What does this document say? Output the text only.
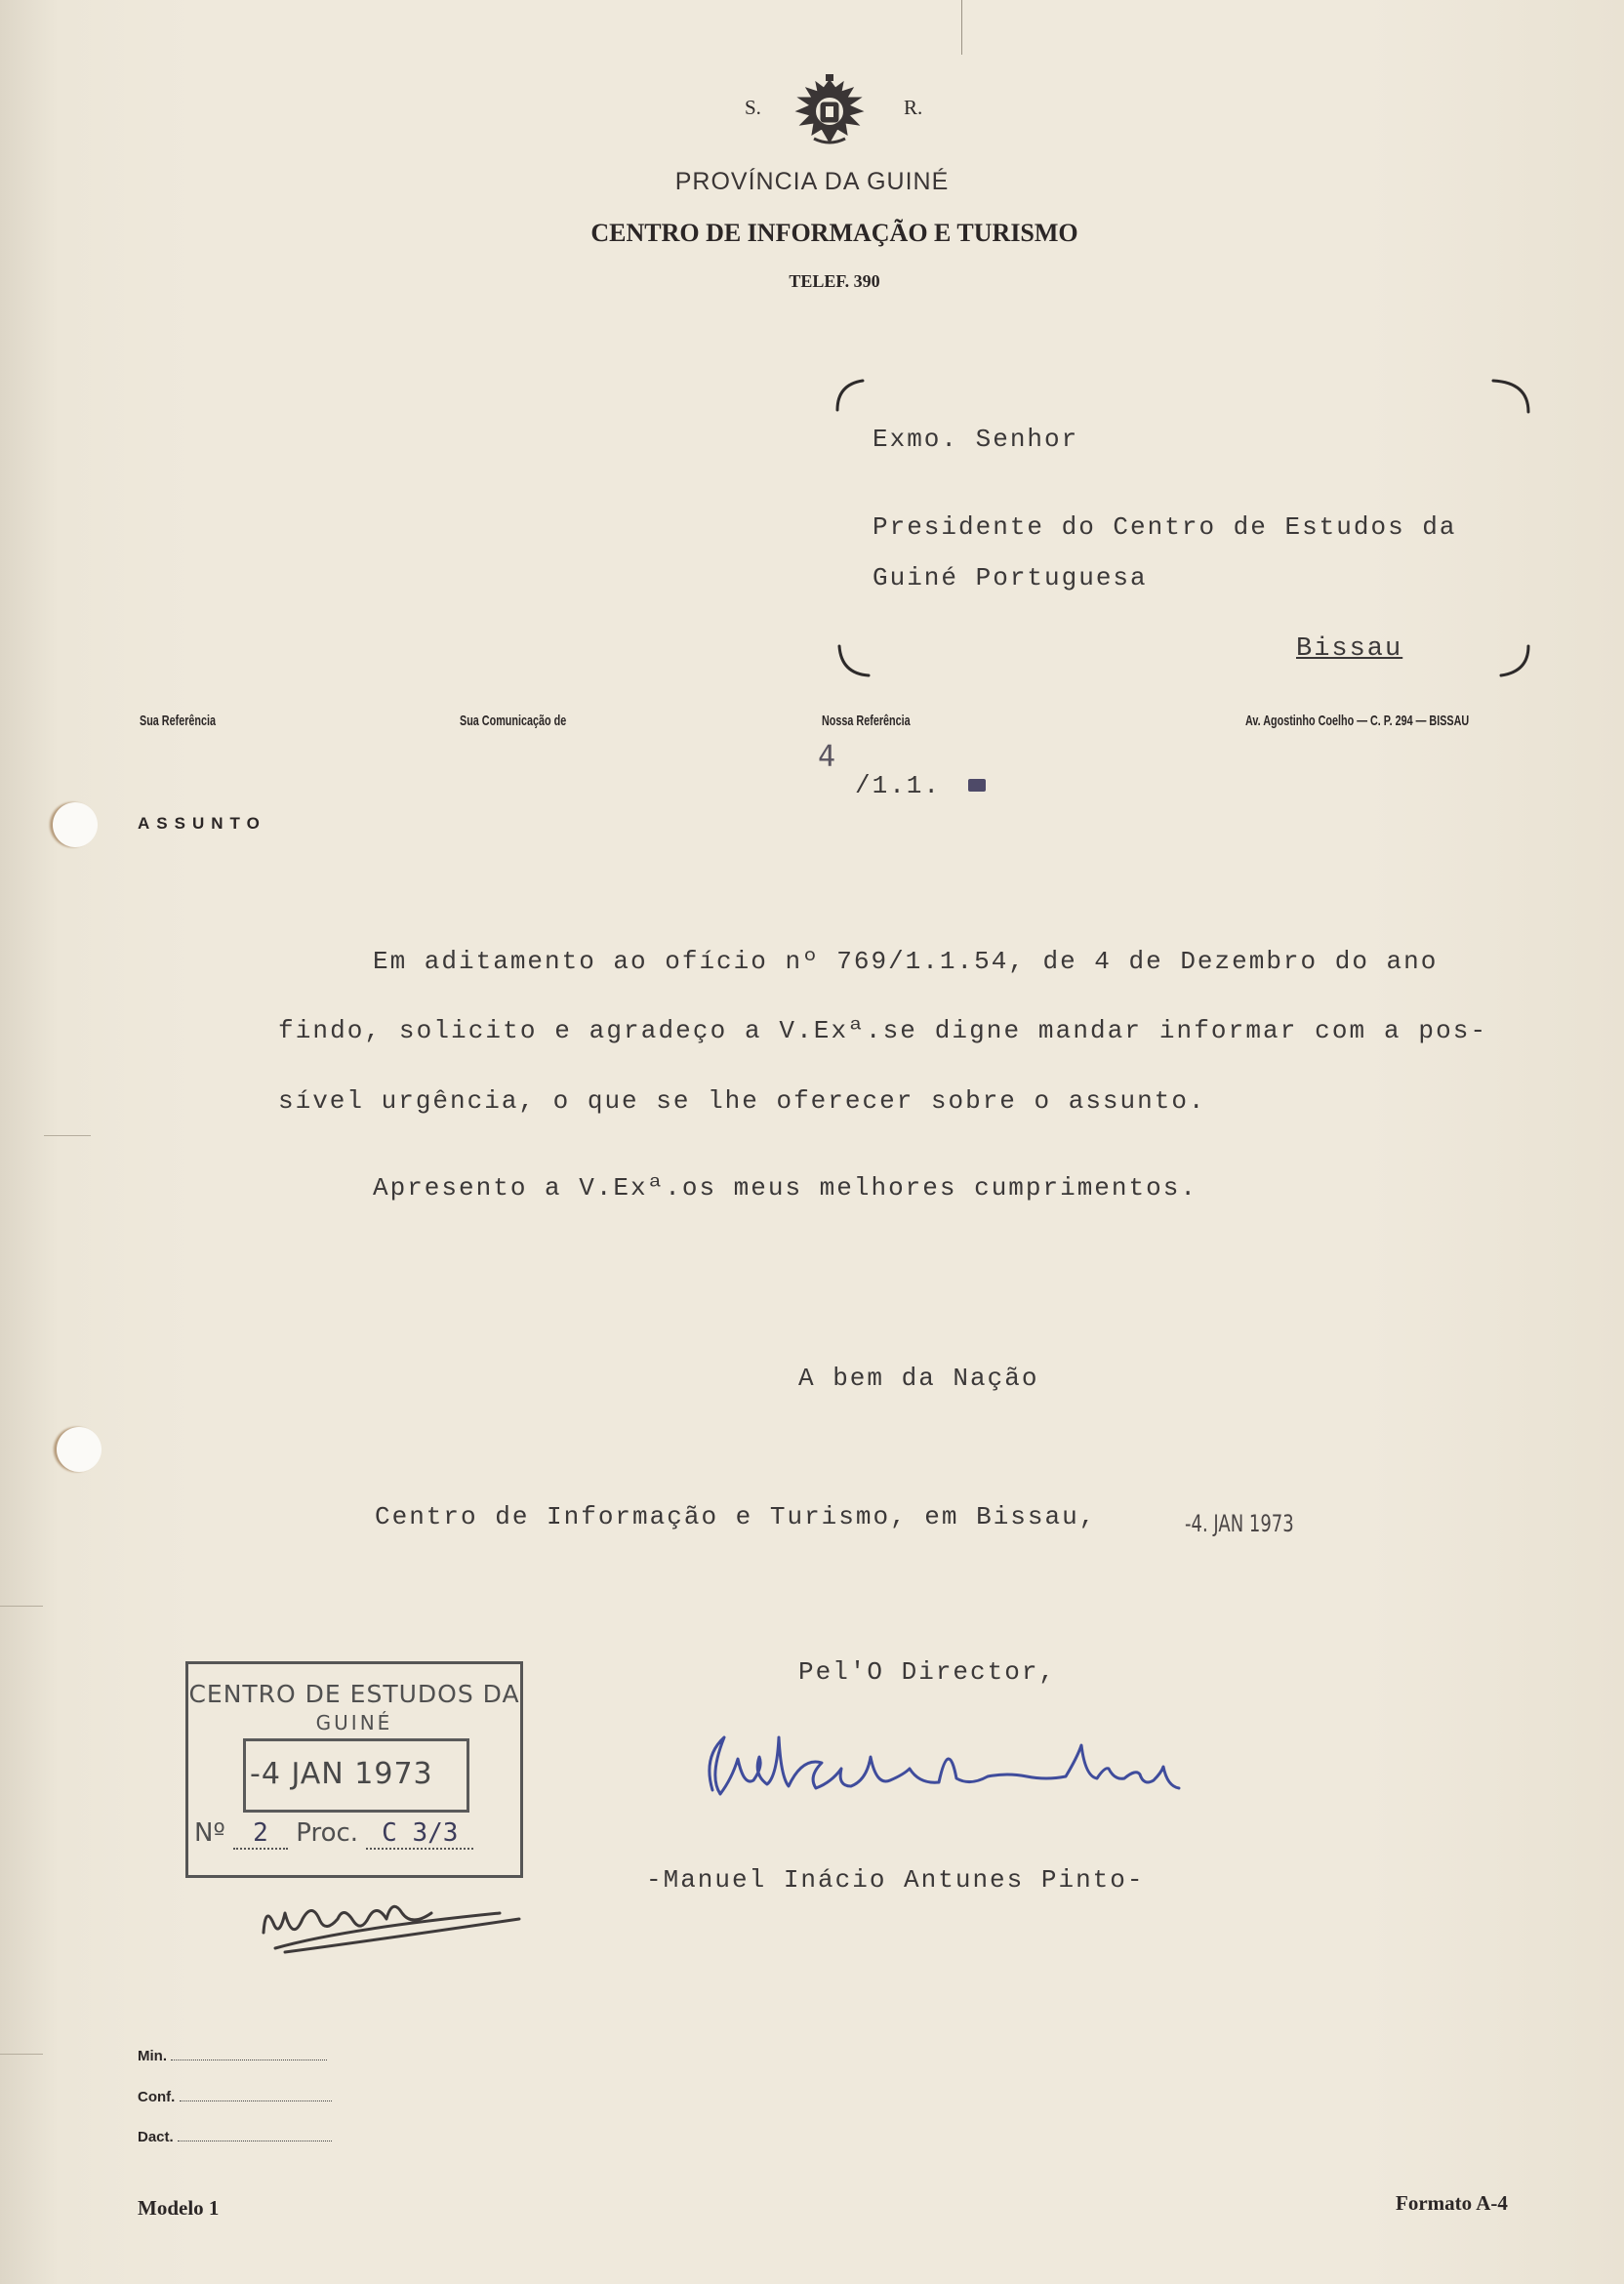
S.	R.
PROVÍNCIA DA GUINÉ
CENTRO DE INFORMAÇÃO E TURISMO
TELEF. 390
Exmo. Senhor
Presidente do Centro de Estudos da
Guiné Portuguesa
Bissau
Sua Referência	Sua Comunicação de	Nossa Referência	Av. Agostinho Coelho — C. P. 294 — BISSAU
4
/1.1.
ASSUNTO
Em aditamento ao ofício nº 769/1.1.54, de 4 de Dezembro do ano
findo, solicito e agradeço a V.Exª.se digne mandar informar com a pos-
sível urgência, o que se lhe oferecer sobre o assunto.
Apresento a V.Exª.os meus melhores cumprimentos.
A bem da Nação
Centro de Informação e Turismo, em Bissau,	-4. JAN 1973
Pel'O Director,
-Manuel Inácio Antunes Pinto-
CENTRO DE ESTUDOS DA
GUINÉ
-4 JAN 1973
Nº 2 Proc. C 3/3
Min.
Conf.
Dact.
Modelo 1	Formato A-4
